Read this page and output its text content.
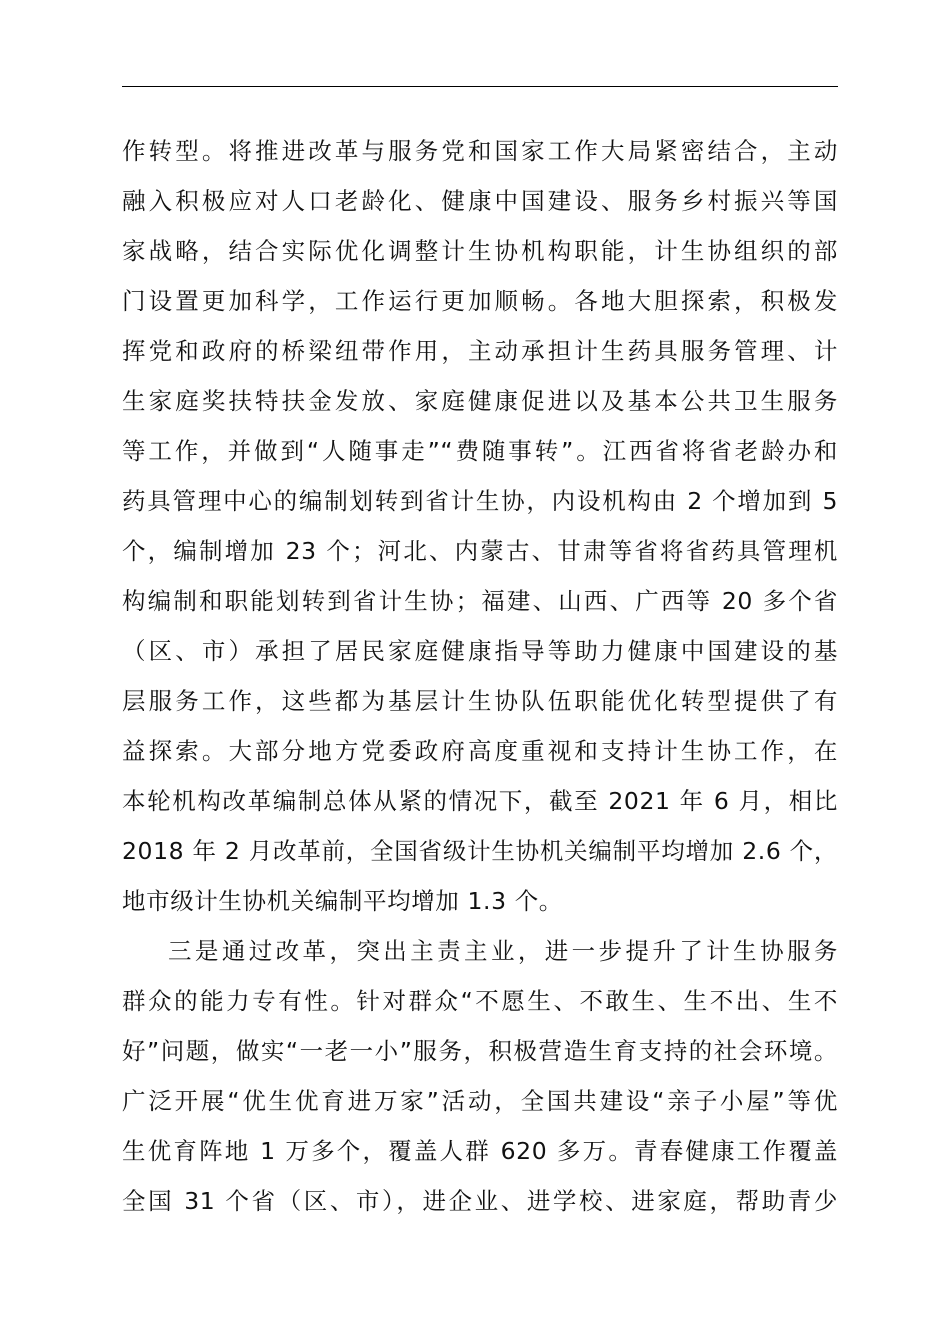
作转型。将推进改革与服务党和国家工作大局紧密结合，主动
融入积极应对人口老龄化、健康中国建设、服务乡村振兴等国
家战略，结合实际优化调整计生协机构职能，计生协组织的部
门设置更加科学，工作运行更加顺畅。各地大胆探索，积极发
挥党和政府的桥梁纽带作用，主动承担计生药具服务管理、计
生家庭奖扶特扶金发放、家庭健康促进以及基本公共卫生服务
等工作，并做到“人随事走”“费随事转”。江西省将省老龄办和
药具管理中心的编制划转到省计生协，内设机构由 2 个增加到 5
个，编制增加 23 个；河北、内蒙古、甘肃等省将省药具管理机
构编制和职能划转到省计生协；福建、山西、广西等 20 多个省
（区、市）承担了居民家庭健康指导等助力健康中国建设的基
层服务工作，这些都为基层计生协队伍职能优化转型提供了有
益探索。大部分地方党委政府高度重视和支持计生协工作，在
本轮机构改革编制总体从紧的情况下，截至 2021 年 6 月，相比
2018 年 2 月改革前，全国省级计生协机关编制平均增加 2.6 个，
地市级计生协机关编制平均增加 1.3 个。
三是通过改革，突出主责主业，进一步提升了计生协服务
群众的能力专有性。针对群众“不愿生、不敢生、生不出、生不
好”问题，做实“一老一小”服务，积极营造生育支持的社会环境。
广泛开展“优生优育进万家”活动，全国共建设“亲子小屋”等优
生优育阵地 1 万多个，覆盖人群 620 多万。青春健康工作覆盖
全国 31 个省（区、市），进企业、进学校、进家庭，帮助青少
